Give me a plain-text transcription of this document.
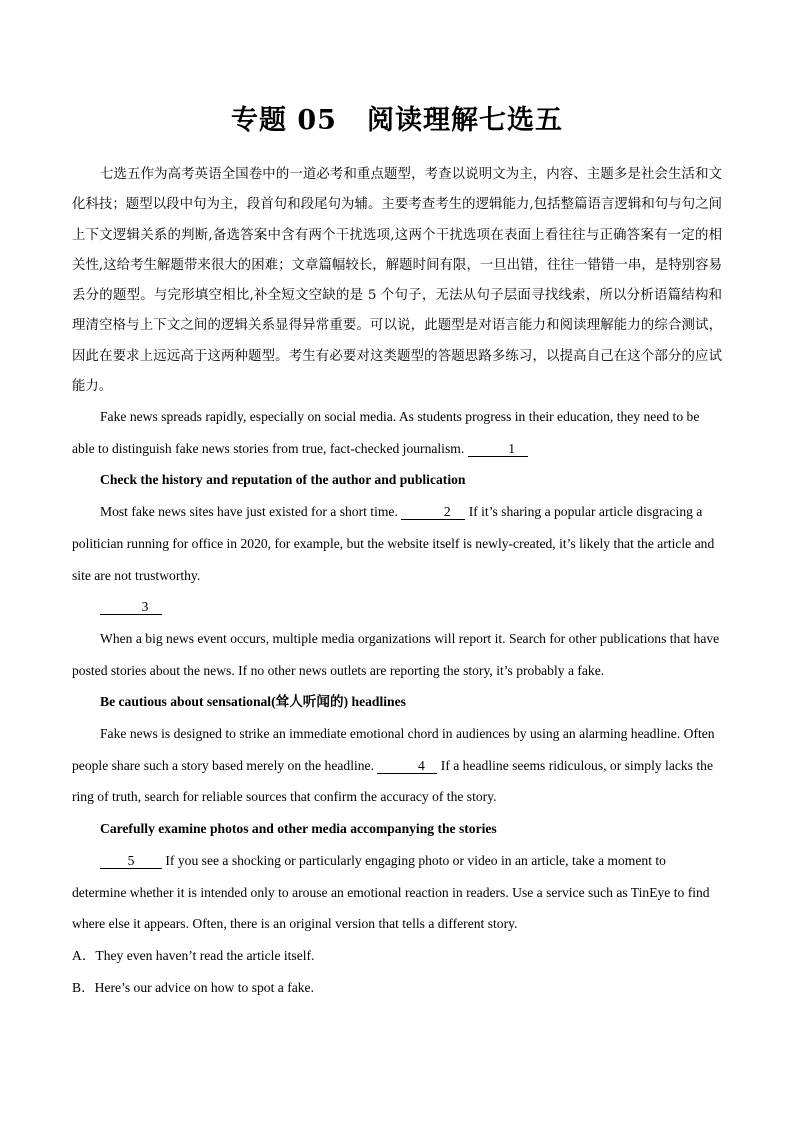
专题 05 阅读理解七选五

七选五作为高考英语全国卷中的一道必考和重点题型，考查以说明文为主，内容、主题多是社会生活和文化科技；题型以段中句为主，段首句和段尾句为辅。主要考查考生的逻辑能力,包括整篇语言逻辑和句与句之间上下文逻辑关系的判断,备选答案中含有两个干扰选项,这两个干扰选项在表面上看往往与正确答案有一定的相关性,这给考生解题带来很大的困难；文章篇幅较长，解题时间有限，一旦出错，往往一错错一串，是特别容易丢分的题型。与完形填空相比,补全短文空缺的是 5 个句子，无法从句子层面寻找线索，所以分析语篇结构和理清空格与上下文之间的逻辑关系显得异常重要。可以说，此题型是对语言能力和阅读理解能力的综合测试，因此在要求上远远高于这两种题型。考生有必要对这类题型的答题思路多练习，以提高自己在这个部分的应试能力。

Fake news spreads rapidly, especially on social media. As students progress in their education, they need to be able to distinguish fake news stories from true, fact-checked journalism.	1

Check the history and reputation of the author and publication

Most fake news sites have just existed for a short time.	2 If it’s sharing a popular article disgracing a politician running for office in 2020, for example, but the website itself is newly-created, it’s likely that the article and site are not trustworthy.

3

When a big news event occurs, multiple media organizations will report it. Search for other publications that have posted stories about the news. If no other news outlets are reporting the story, it’s probably a fake.

Be cautious about sensational(耸人听闻的) headlines

Fake news is designed to strike an immediate emotional chord in audiences by using an alarming headline. Often people share such a story based merely on the headline.	4 If a headline seems ridiculous, or simply lacks the ring of truth, search for reliable sources that confirm the accuracy of the story.

Carefully examine photos and other media accompanying the stories

5 If you see a shocking or particularly engaging photo or video in an article, take a moment to determine whether it is intended only to arouse an emotional reaction in readers. Use a service such as TinEye to find where else it appears. Often, there is an original version that tells a different story.

A．They even haven’t read the article itself.

B．Here’s our advice on how to spot a fake.
